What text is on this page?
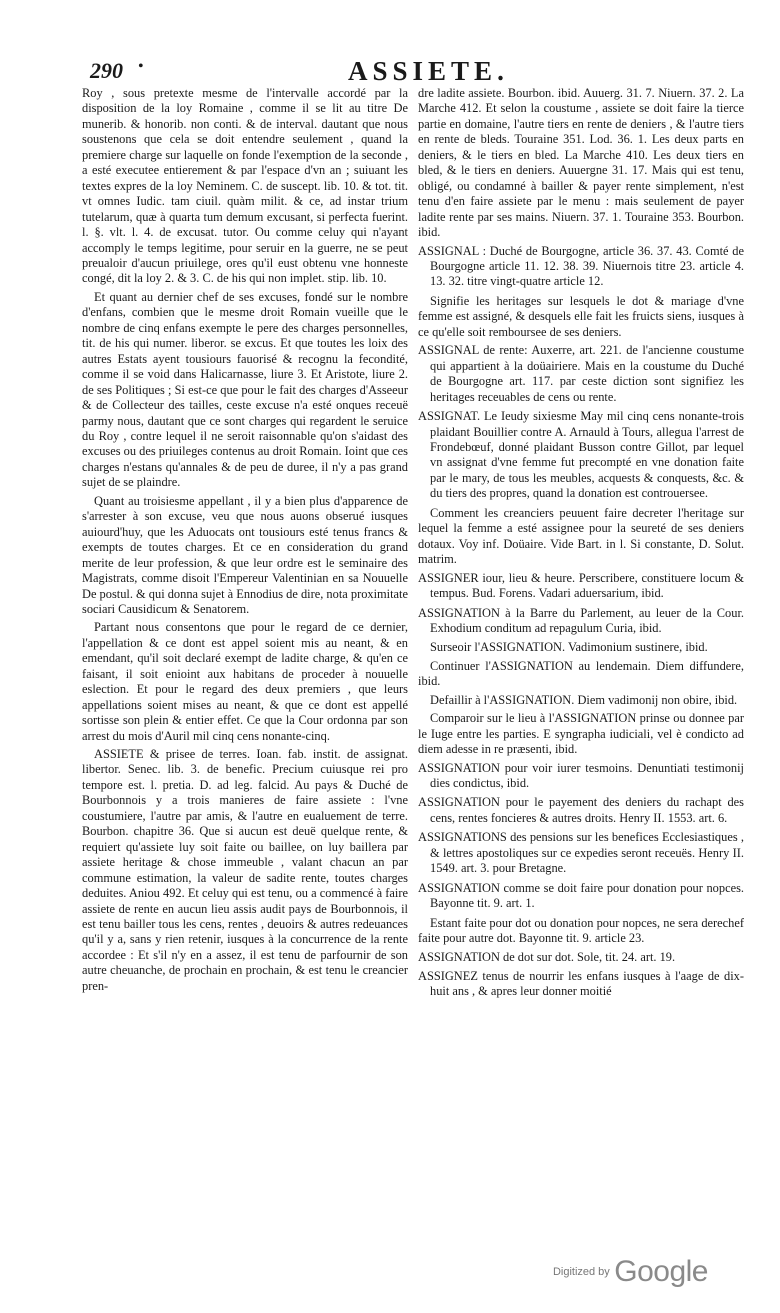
290 •	ASSIETE.

Roy , sous pretexte mesme de l'intervalle accordé par la disposition de la loy Romaine , comme il se lit au titre De munerib. & honorib. non conti. & de interval. dautant que nous soustenons que cela se doit entendre seulement , quand la premiere charge sur laquelle on fonde l'exemption de la seconde , a esté executee entierement & par l'espace d'vn an ; suiuant les textes expres de la loy Neminem. C. de suscept. lib. 10. & tot. tit. vt omnes Iudic. tam ciuil. quàm milit. & ce, ad instar trium tutelarum, quæ à quarta tum demum excusant, si perfecta fuerint. l. §. vlt. l. 4. de excusat. tutor. Ou comme celuy qui n'ayant accomply le temps legitime, pour seruir en la guerre, ne se peut preualoir d'aucun priuilege, ores qu'il eust obtenu vne honneste congé, dit la loy 2. & 3. C. de his qui non implet. stip. lib. 10.

Et quant au dernier chef de ses excuses, fondé sur le nombre d'enfans, combien que le mesme droit Romain vueille que le nombre de cinq enfans exempte le pere des charges personnelles, tit. de his qui numer. liberor. se excus. Et que toutes les loix des autres Estats ayent tousiours fauorisé & recognu la fecondité, comme il se void dans Halicarnasse, liure 3. Et Aristote, liure 2. de ses Politiques ; Si est-ce que pour le fait des charges d'Asseeur & de Collecteur des tailles, ceste excuse n'a esté onques receuë parmy nous, dautant que ce sont charges qui regardent le seruice du Roy , contre lequel il ne seroit raisonnable qu'on s'aidast des excuses ou des priuileges contenus au droit Romain. Ioint que ces charges n'estans qu'annales & de peu de duree, il n'y a pas grand sujet de se plaindre.

Quant au troisiesme appellant , il y a bien plus d'apparence de s'arrester à son excuse, veu que nous auons obserué iusques auiourd'huy, que les Aduocats ont tousiours esté tenus francs & exempts de toutes charges. Et ce en consideration du grand merite de leur profession, & que leur ordre est le seminaire des Magistrats, comme disoit l'Empereur Valentinian en sa Nouuelle De postul. & qui donna sujet à Ennodius de dire, nota proximitate sociari Causidicum & Senatorem.

Partant nous consentons que pour le regard de ce dernier, l'appellation & ce dont est appel soient mis au neant, & en emendant, qu'il soit declaré exempt de ladite charge, & qu'en ce faisant, il soit enioint aux habitans de proceder à nouuelle eslection. Et pour le regard des deux premiers , que leurs appellations soient mises au neant, & que ce dont est appellé sortisse son plein & entier effet. Ce que la Cour ordonna par son arrest du mois d'Auril mil cinq cens nonante-cinq.

ASSIETE & prisee de terres. Ioan. fab. instit. de assignat. libertor. Senec. lib. 3. de benefic. Precium cuiusque rei pro tempore est. l. pretia. D. ad leg. falcid. Au pays & Duché de Bourbonnois y a trois manieres de faire assiete : l'vne coustumiere, l'autre par amis, & l'autre en eualuement de terre. Bourbon. chapitre 36. Que si aucun est deuë quelque rente, & requiert qu'assiete luy soit faite ou baillee, on luy baillera par assiete heritage & chose immeuble , valant chacun an par commune estimation, la valeur de sadite rente, toutes charges deduites. Aniou 492. Et celuy qui est tenu, ou a commencé à faire assiete de rente en aucun lieu assis audit pays de Bourbonnois, il est tenu bailler tous les cens, rentes , deuoirs & autres redeuances qu'il y a, sans y rien retenir, iusques à la concurrence de la rente accordee : Et s'il n'y en a assez, il est tenu de parfournir de son autre cheuanche, de prochain en prochain, & est tenu le creancier pren-

dre ladite assiete. Bourbon. ibid. Auuerg. 31. 7. Niuern. 37. 2. La Marche 412. Et selon la coustume , assiete se doit faire la tierce partie en domaine, l'autre tiers en rente de deniers , & l'autre tiers en rente de bleds. Touraine 351. Lod. 36. 1. Les deux parts en deniers, & le tiers en bled. La Marche 410. Les deux tiers en bled, & le tiers en deniers. Auuergne 31. 17. Mais qui est tenu, obligé, ou condamné à bailler & payer rente simplement, n'est tenu d'en faire assiete par le menu : mais seulement de payer ladite rente par ses mains. Niuern. 37. 1. Touraine 353. Bourbon. ibid.

ASSIGNAL : Duché de Bourgogne, article 36. 37. 43. Comté de Bourgogne article 11. 12. 38. 39. Niuernois titre 23. article 4. 13. 32. titre vingt-quatre article 12.

Signifie les heritages sur lesquels le dot & mariage d'vne femme est assigné, & desquels elle fait les fruicts siens, iusques à ce qu'elle soit remboursee de ses deniers.

ASSIGNAL de rente: Auxerre, art. 221. de l'ancienne coustume qui appartient à la doüairiere. Mais en la coustume du Duché de Bourgogne art. 117. par ceste diction sont signifiez les heritages receuables de cens ou rente.

ASSIGNAT. Le Ieudy sixiesme May mil cinq cens nonante-trois plaidant Bouillier contre A. Arnauld à Tours, allegua l'arrest de Frondebœuf, donné plaidant Busson contre Gillot, par lequel vn assignat d'vne femme fut precompté en vne donation faite par le mary, de tous les meubles, acquests & conquests, &c. & du tiers des propres, quand la donation est controuersee.

Comment les creanciers peuuent faire decreter l'heritage sur lequel la femme a esté assignee pour la seureté de ses deniers dotaux. Voy inf. Doüaire. Vide Bart. in l. Si constante, D. Solut. matrim.

ASSIGNER iour, lieu & heure. Perscribere, constituere locum & tempus. Bud. Forens. Vadari aduersarium, ibid.

ASSIGNATION à la Barre du Parlement, au leuer de la Cour. Exhodium conditum ad repagulum Curia, ibid.

Surseoir l'ASSIGNATION. Vadimonium sustinere, ibid.

Continuer l'ASSIGNATION au lendemain. Diem diffundere, ibid.

Defaillir à l'ASSIGNATION. Diem vadimonij non obire, ibid.

Comparoir sur le lieu à l'ASSIGNATION prinse ou donnee par le Iuge entre les parties. E syngrapha iudiciali, vel è condicto ad diem adesse in re præsenti, ibid.

ASSIGNATION pour voir iurer tesmoins. Denuntiati testimonij dies condictus, ibid.

ASSIGNATION pour le payement des deniers du rachapt des cens, rentes foncieres & autres droits. Henry II. 1553. art. 6.

ASSIGNATIONS des pensions sur les benefices Ecclesiastiques , & lettres apostoliques sur ce expedies seront receuës. Henry II. 1549. art. 3. pour Bretagne.

ASSIGNATION comme se doit faire pour donation pour nopces. Bayonne tit. 9. art. 1.

Estant faite pour dot ou donation pour nopces, ne sera derechef faite pour autre dot. Bayonne tit. 9. article 23.

ASSIGNATION de dot sur dot. Sole, tit. 24. art. 19.

ASSIGNEZ tenus de nourrir les enfans iusques à l'aage de dix-huit ans , & apres leur donner moitié

Digitized by Google
